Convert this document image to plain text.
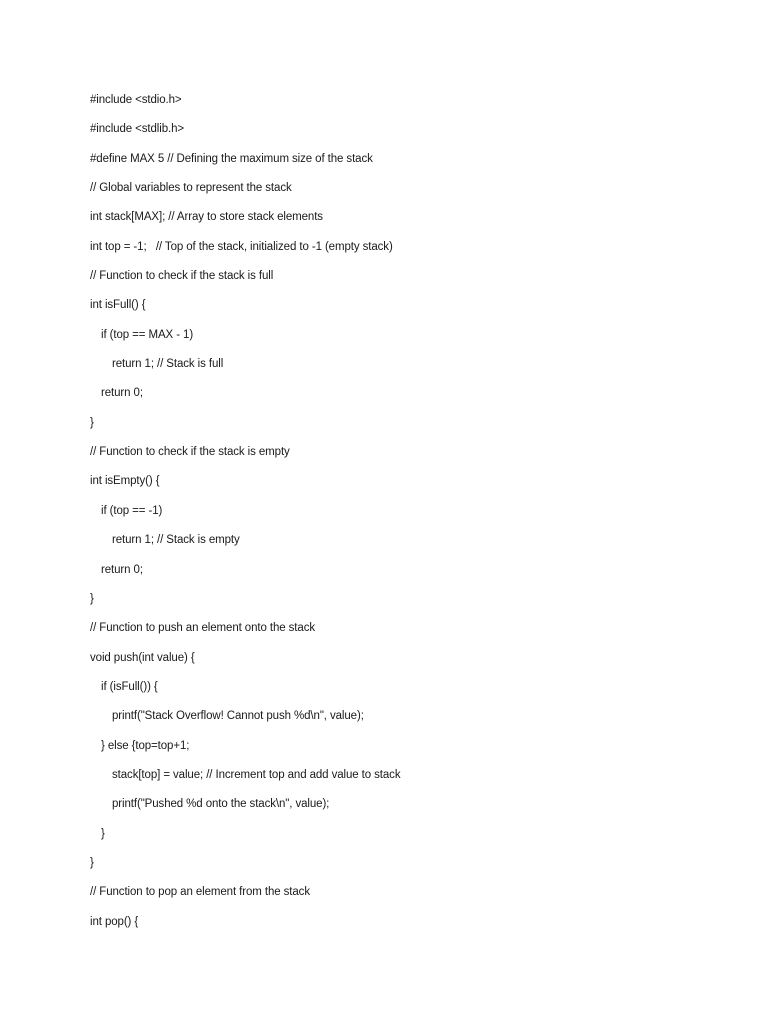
#include <stdio.h>
#include <stdlib.h>
#define MAX 5 // Defining the maximum size of the stack
// Global variables to represent the stack
int stack[MAX]; // Array to store stack elements
int top = -1;   // Top of the stack, initialized to -1 (empty stack)
// Function to check if the stack is full
int isFull() {
if (top == MAX - 1)
return 1; // Stack is full
return 0;
}
// Function to check if the stack is empty
int isEmpty() {
if (top == -1)
return 1; // Stack is empty
return 0;
}
// Function to push an element onto the stack
void push(int value) {
if (isFull()) {
printf("Stack Overflow! Cannot push %d\n", value);
} else {top=top+1;
stack[top] = value; // Increment top and add value to stack
printf("Pushed %d onto the stack\n", value);
}
}
// Function to pop an element from the stack
int pop() {
